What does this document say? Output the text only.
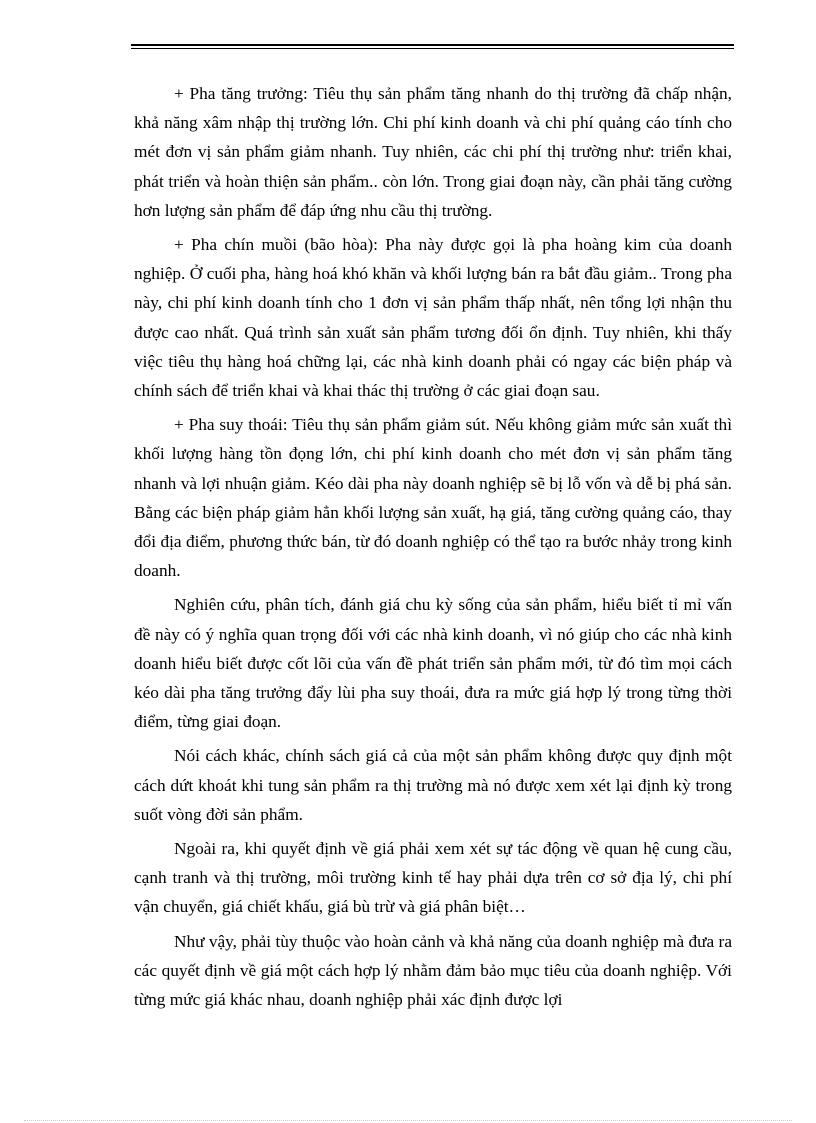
+ Pha tăng trưởng: Tiêu thụ sản phẩm tăng nhanh do thị trường đã chấp nhận, khả năng xâm nhập thị trường lớn. Chi phí kinh doanh và chi phí quảng cáo tính cho mét đơn vị sản phẩm giảm nhanh. Tuy nhiên, các chi phí thị trường như: triển khai, phát triển và hoàn thiện sản phẩm.. còn lớn. Trong giai đoạn này, cần phải tăng cường hơn lượng sản phẩm để đáp ứng nhu cầu thị trường.

+ Pha chín muồi (bão hòa): Pha này được gọi là pha hoàng kim của doanh nghiệp. Ở cuối pha, hàng hoá khó khăn và khối lượng bán ra bắt đầu giảm.. Trong pha này, chi phí kinh doanh tính cho 1 đơn vị sản phẩm thấp nhất, nên tổng lợi nhận thu được cao nhất. Quá trình sản xuất sản phẩm tương đối ổn định. Tuy nhiên, khi thấy việc tiêu thụ hàng hoá chững lại, các nhà kinh doanh phải có ngay các biện pháp và chính sách để triển khai và khai thác thị trường ở các giai đoạn sau.

+ Pha suy thoái: Tiêu thụ sản phẩm giảm sút. Nếu không giảm mức sản xuất thì khối lượng hàng tồn đọng lớn, chi phí kinh doanh cho mét đơn vị sản phẩm tăng nhanh và lợi nhuận giảm. Kéo dài pha này doanh nghiệp sẽ bị lỗ vốn và dễ bị phá sản. Bằng các biện pháp giảm hẳn khối lượng sản xuất, hạ giá, tăng cường quảng cáo, thay đổi địa điểm, phương thức bán, từ đó doanh nghiệp có thể tạo ra bước nhảy trong kinh doanh.

Nghiên cứu, phân tích, đánh giá chu kỳ sống của sản phẩm, hiểu biết tỉ mỉ vấn đề này có ý nghĩa quan trọng đối với các nhà kinh doanh, vì nó giúp cho các nhà kinh doanh hiểu biết được cốt lõi của vấn đề phát triển sản phẩm mới, từ đó tìm mọi cách kéo dài pha tăng trưởng đẩy lùi pha suy thoái, đưa ra mức giá hợp lý trong từng thời điểm, từng giai đoạn.

Nói cách khác, chính sách giá cả của một sản phẩm không được quy định một cách dứt khoát khi tung sản phẩm ra thị trường mà nó được xem xét lại định kỳ trong suốt vòng đời sản phẩm.

Ngoài ra, khi quyết định về giá phải xem xét sự tác động về quan hệ cung cầu, cạnh tranh và thị trường, môi trường kinh tế hay phải dựa trên cơ sở địa lý, chi phí vận chuyển, giá chiết khấu, giá bù trừ và giá phân biệt…

Như vậy, phải tùy thuộc vào hoàn cảnh và khả năng của doanh nghiệp mà đưa ra các quyết định về giá một cách hợp lý nhằm đảm bảo mục tiêu của doanh nghiệp. Với từng mức giá khác nhau, doanh nghiệp phải xác định được lợi
